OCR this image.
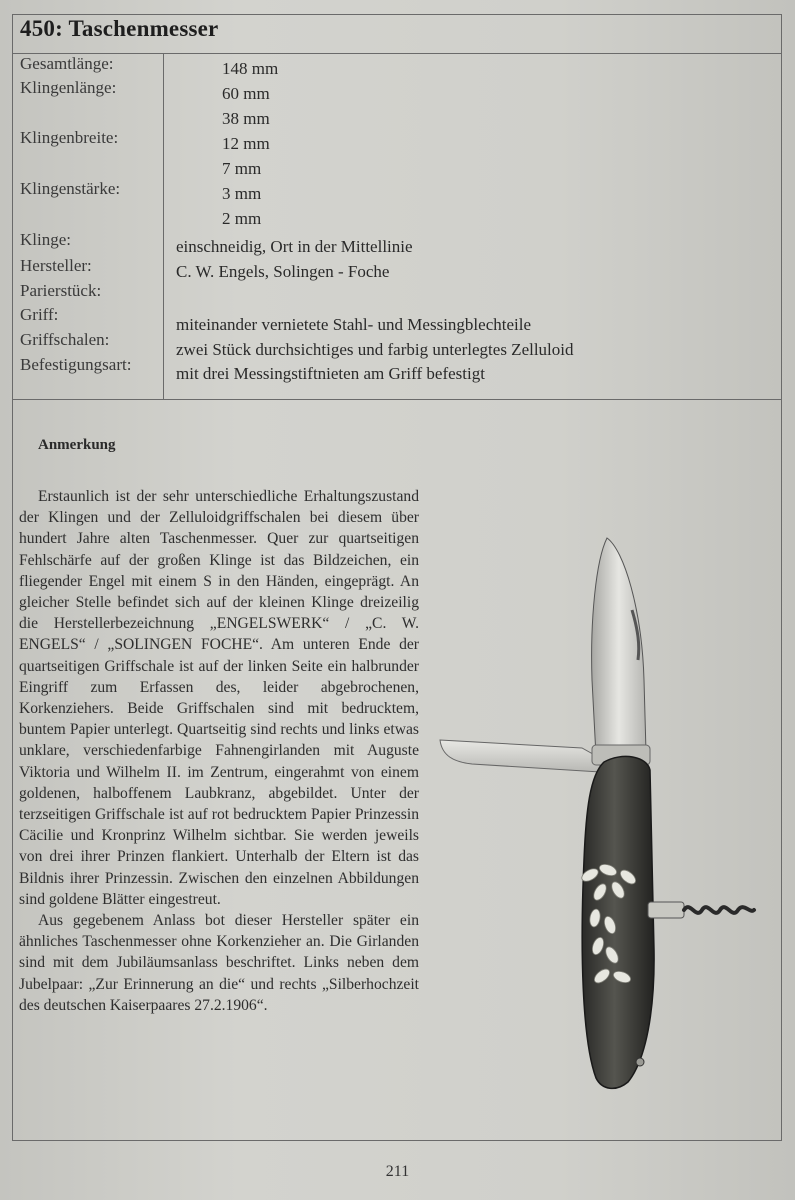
450: Taschenmesser
Gesamtlänge:
Klingenlänge:
Klingenbreite:
Klingenstärke:
Klinge:
Hersteller:
Parierstück:
Griff:
Griffschalen:
Befestigungsart:
148 mm
60 mm
38 mm
12 mm
7 mm
3 mm
2 mm
einschneidig, Ort in der Mittellinie
C. W. Engels, Solingen - Foche
miteinander vernietete Stahl- und Messingblechteile
zwei Stück durchsichtiges und farbig unterlegtes Zelluloid
mit drei Messingstiftnieten am Griff befestigt
Anmerkung

Erstaunlich ist der sehr unterschiedliche Erhaltungszustand der Klingen und der Zelluloidgriffschalen bei diesem über hundert Jahre alten Taschenmesser. Quer zur quartseitigen Fehlschärfe auf der großen Klinge ist das Bildzeichen, ein fliegender Engel mit einem S in den Händen, eingeprägt. An gleicher Stelle befindet sich auf der kleinen Klinge dreizeilig die Herstellerbezeichnung „ENGELSWERK“ / „C. W. ENGELS“ / „SOLINGEN FOCHE“. Am unteren Ende der quartseitigen Griffschale ist auf der linken Seite ein halbrunder Eingriff zum Erfassen des, leider abgebrochenen, Korkenziehers. Beide Griffschalen sind mit bedrucktem, buntem Papier unterlegt. Quartseitig sind rechts und links etwas unklare, verschiedenfarbige Fahnengirlanden mit Auguste Viktoria und Wilhelm II. im Zentrum, eingerahmt von einem goldenen, halboffenem Laubkranz, abgebildet. Unter der terzseitigen Griffschale ist auf rot bedrucktem Papier Prinzessin Cäcilie und Kronprinz Wilhelm sichtbar. Sie werden jeweils von drei ihrer Prinzen flankiert. Unterhalb der Eltern ist das Bildnis ihrer Prinzessin. Zwischen den einzelnen Abbildungen sind goldene Blätter eingestreut.

Aus gegebenem Anlass bot dieser Hersteller später ein ähnliches Taschenmesser ohne Korkenzieher an. Die Girlanden sind mit dem Jubiläumsanlass beschriftet. Links neben dem Jubelpaar: „Zur Erinnerung an die“ und rechts „Silberhochzeit des deutschen Kaiserpaares 27.2.1906“.

211
